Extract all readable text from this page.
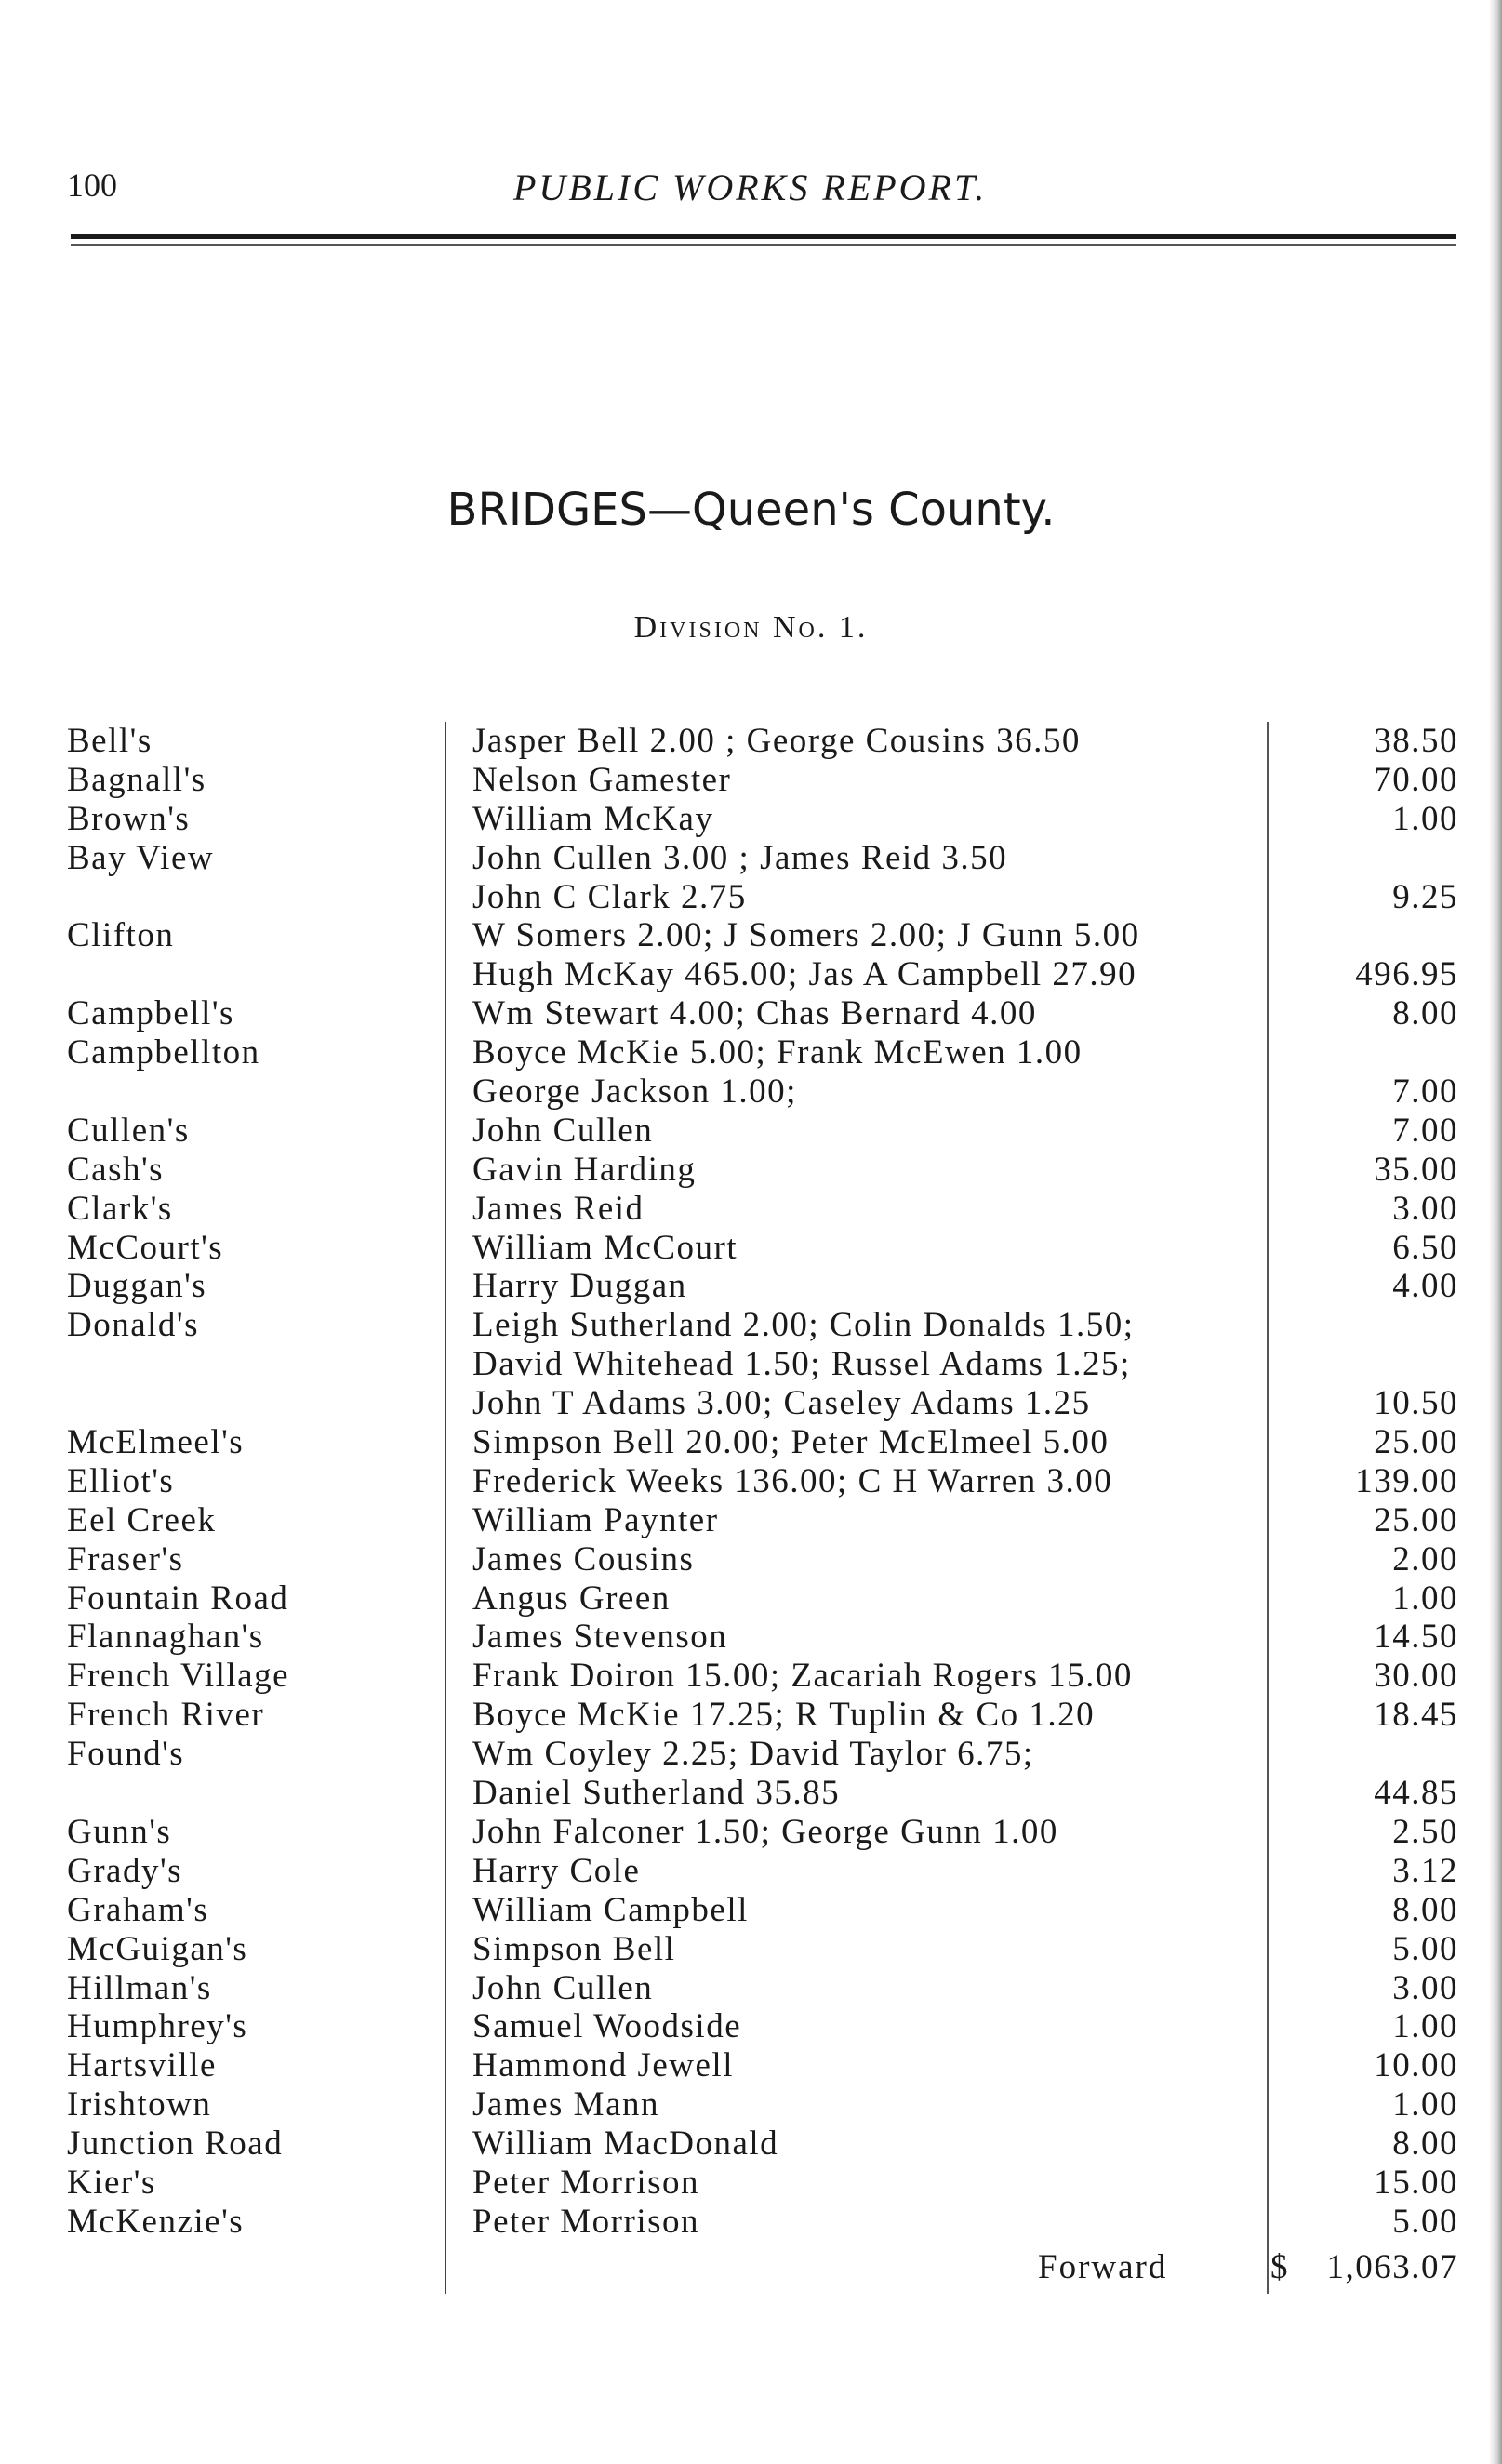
100	PUBLIC WORKS REPORT.
BRIDGES—Queen's County.
Division No. 1.
Bell's	Jasper Bell 2.00 ; George Cousins 36.50	38.50
Bagnall's	Nelson Gamester	70.00
Brown's	William McKay	1.00
Bay View	John Cullen 3.00 ; James Reid 3.50
John C Clark 2.75	9.25
Clifton	W Somers 2.00; J Somers 2.00; J Gunn 5.00
Hugh McKay 465.00; Jas A Campbell 27.90	496.95
Campbell's	Wm Stewart 4.00; Chas Bernard 4.00	8.00
Campbellton	Boyce McKie 5.00; Frank McEwen 1.00
George Jackson 1.00;	7.00
Cullen's	John Cullen	7.00
Cash's	Gavin Harding	35.00
Clark's	James Reid	3.00
McCourt's	William McCourt	6.50
Duggan's	Harry Duggan	4.00
Donald's	Leigh Sutherland 2.00; Colin Donalds 1.50;
David Whitehead 1.50; Russel Adams 1.25;
John T Adams 3.00; Caseley Adams 1.25	10.50
McElmeel's	Simpson Bell 20.00; Peter McElmeel 5.00	25.00
Elliot's	Frederick Weeks 136.00; C H Warren 3.00	139.00
Eel Creek	William Paynter	25.00
Fraser's	James Cousins	2.00
Fountain Road	Angus Green	1.00
Flannaghan's	James Stevenson	14.50
French Village	Frank Doiron 15.00; Zacariah Rogers 15.00	30.00
French River	Boyce McKie 17.25; R Tuplin & Co 1.20	18.45
Found's	Wm Coyley 2.25; David Taylor 6.75;
Daniel Sutherland 35.85	44.85
Gunn's	John Falconer 1.50; George Gunn 1.00	2.50
Grady's	Harry Cole	3.12
Graham's	William Campbell	8.00
McGuigan's	Simpson Bell	5.00
Hillman's	John Cullen	3.00
Humphrey's	Samuel Woodside	1.00
Hartsville	Hammond Jewell	10.00
Irishtown	James Mann	1.00
Junction Road	William MacDonald	8.00
Kier's	Peter Morrison	15.00
McKenzie's	Peter Morrison	5.00
Forward	$ 1,063.07
